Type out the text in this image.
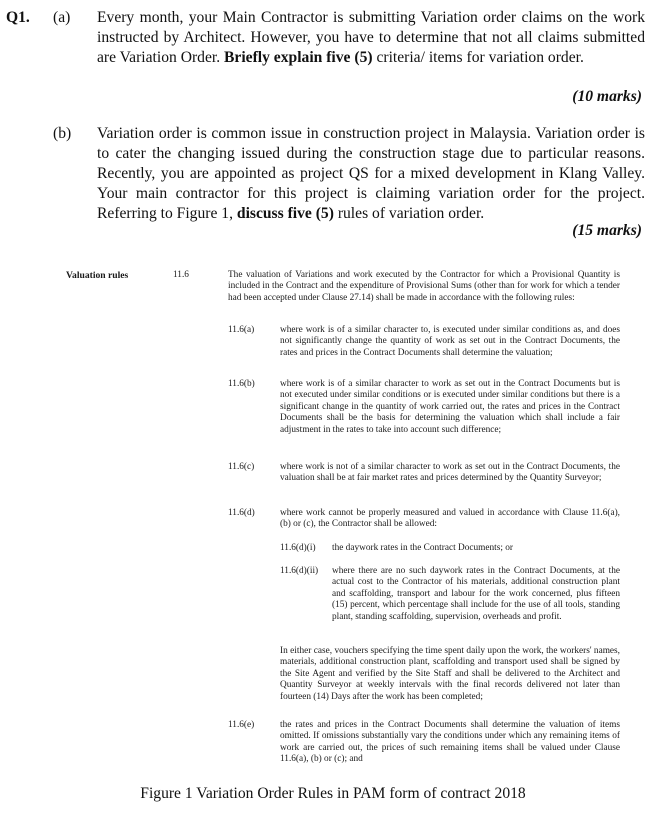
Q1. (a) Every month, your Main Contractor is submitting Variation order claims on the work instructed by Architect. However, you have to determine that not all claims submitted are Variation Order. Briefly explain five (5) criteria/ items for variation order.
(10 marks)
(b) Variation order is common issue in construction project in Malaysia. Variation order is to cater the changing issued during the construction stage due to particular reasons. Recently, you are appointed as project QS for a mixed development in Klang Valley. Your main contractor for this project is claiming variation order for the project. Referring to Figure 1, discuss five (5) rules of variation order.
(15 marks)
Valuation rules	11.6	The valuation of Variations and work executed by the Contractor for which a Provisional Quantity is included in the Contract and the expenditure of Provisional Sums (other than for work for which a tender had been accepted under Clause 27.14) shall be made in accordance with the following rules:
11.6(a)	where work is of a similar character to, is executed under similar conditions as, and does not significantly change the quantity of work as set out in the Contract Documents, the rates and prices in the Contract Documents shall determine the valuation;
11.6(b)	where work is of a similar character to work as set out in the Contract Documents but is not executed under similar conditions or is executed under similar conditions but there is a significant change in the quantity of work carried out, the rates and prices in the Contract Documents shall be the basis for determining the valuation which shall include a fair adjustment in the rates to take into account such difference;
11.6(c)	where work is not of a similar character to work as set out in the Contract Documents, the valuation shall be at fair market rates and prices determined by the Quantity Surveyor;
11.6(d)	where work cannot be properly measured and valued in accordance with Clause 11.6(a), (b) or (c), the Contractor shall be allowed:
11.6(d)(i) the daywork rates in the Contract Documents; or
11.6(d)(ii) where there are no such daywork rates in the Contract Documents, at the actual cost to the Contractor of his materials, additional construction plant and scaffolding, transport and labour for the work concerned, plus fifteen (15) percent, which percentage shall include for the use of all tools, standing plant, standing scaffolding, supervision, overheads and profit.
In either case, vouchers specifying the time spent daily upon the work, the workers' names, materials, additional construction plant, scaffolding and transport used shall be signed by the Site Agent and verified by the Site Staff and shall be delivered to the Architect and Quantity Surveyor at weekly intervals with the final records delivered not later than fourteen (14) Days after the work has been completed;
11.6(e)	the rates and prices in the Contract Documents shall determine the valuation of items omitted. If omissions substantially vary the conditions under which any remaining items of work are carried out, the prices of such remaining items shall be valued under Clause 11.6(a), (b) or (c); and
Figure 1 Variation Order Rules in PAM form of contract 2018
